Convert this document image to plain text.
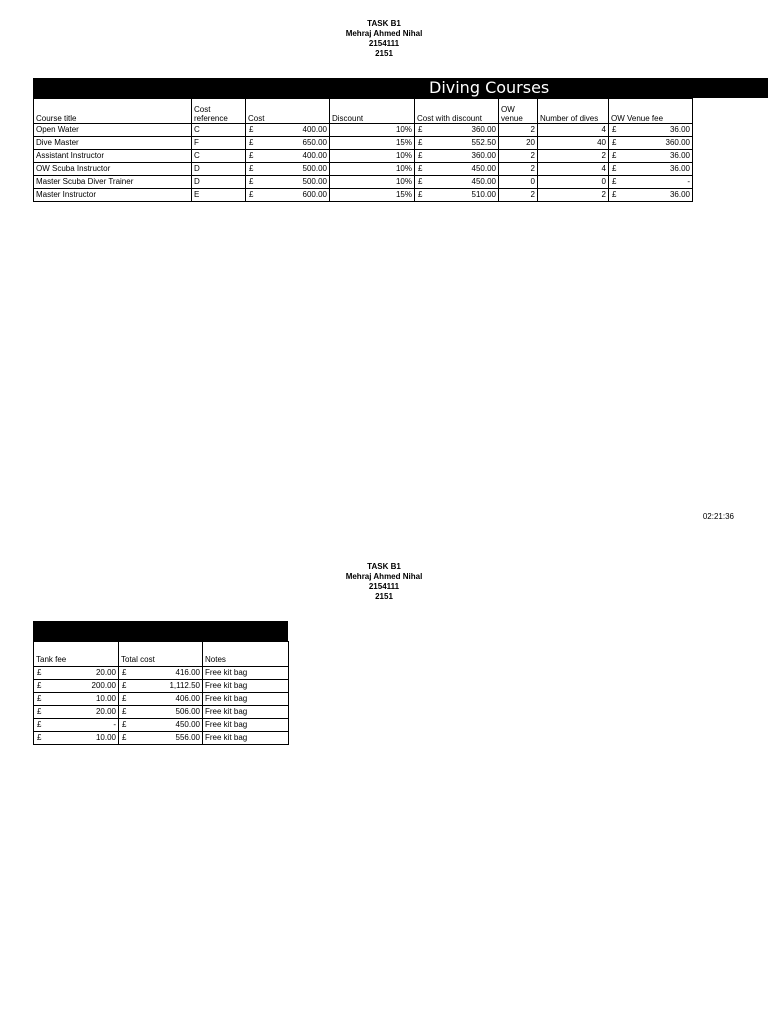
TASK B1
Mehraj Ahmed Nihal
2154111
2151
Diving Courses
Course title	Cost reference	Cost	Discount	Cost with discount	OW venue	Number of dives	OW Venue fee
Open Water	C	£ 400.00	10%	£ 360.00	2	4	£ 36.00

Dive Master	F	£ 650.00	15%	£ 552.50	20	40	£ 360.00

Assistant Instructor	C	£ 400.00	10%	£ 360.00	2	2	£ 36.00

OW Scuba Instructor	D	£ 500.00	10%	£ 450.00	2	4	£ 36.00

Master Scuba Diver Trainer	D	£ 500.00	10%	£ 450.00	0	0	£ -

Master Instructor	E	£ 600.00	15%	£ 510.00	2	2	£ 36.00
02:21:36
TASK B1
Mehraj Ahmed Nihal
2154111
2151
Tank fee	Total cost	Notes

£ 20.00	£ 416.00	Free kit bag

£ 200.00	£ 1,112.50	Free kit bag

£ 10.00	£ 406.00	Free kit bag

£ 20.00	£ 506.00	Free kit bag

£ -	£ 450.00	Free kit bag

£ 10.00	£ 556.00	Free kit bag
